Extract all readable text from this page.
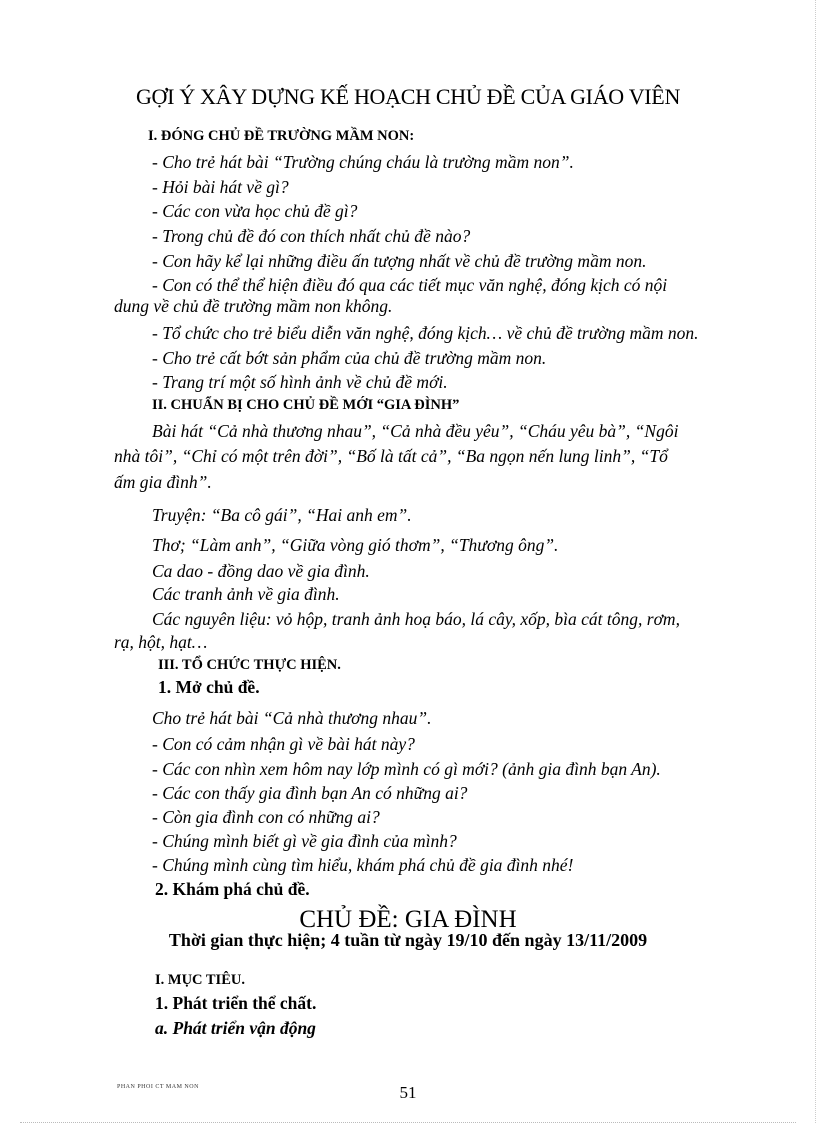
GỢI Ý XÂY DỰNG KẾ HOẠCH CHỦ ĐỀ CỦA GIÁO VIÊN
I. ĐÓNG CHỦ ĐỀ TRƯỜNG MẦM NON:
- Cho trẻ hát bài “Trường chúng cháu là trường mầm non”.
- Hỏi bài hát về gì?
- Các con vừa học chủ đề gì?
- Trong chủ đề đó con thích nhất chủ đề nào?
- Con hãy kể lại những điều ấn tượng nhất về chủ đề trường mầm non.
- Con có thể thể hiện điều đó qua các tiết mục văn nghệ, đóng kịch có nội
dung về chủ đề trường mầm non không.
- Tổ chức cho trẻ biểu diễn văn nghệ, đóng kịch… về chủ đề trường mầm non.
- Cho trẻ cất bớt sản phẩm của chủ đề trường mầm non.
- Trang trí một số hình ảnh về chủ đề mới.
II. CHUẨN BỊ CHO CHỦ ĐỀ MỚI “GIA ĐÌNH”
Bài hát “Cả nhà thương nhau”, “Cả nhà đều yêu”, “Cháu yêu bà”, “Ngôi
nhà tôi”, “Chỉ có một trên đời”, “Bố là tất cả”, “Ba ngọn nến lung linh”, “Tổ
ấm gia đình”.
Truyện: “Ba cô gái”, “Hai anh em”.
Thơ; “Làm anh”, “Giữa vòng gió thơm”, “Thương ông”.
Ca dao - đồng dao về gia đình.
Các tranh ảnh về gia đình.
Các nguyên liệu: vỏ hộp, tranh ảnh hoạ báo, lá cây, xốp, bìa cát tông, rơm,
rạ, hột, hạt…
III. TỔ CHỨC THỰC HIỆN.
1. Mở chủ đề.
Cho trẻ hát bài “Cả nhà thương nhau”.
- Con có cảm nhận gì về bài hát này?
- Các con nhìn xem hôm nay lớp mình có gì mới? (ảnh gia đình bạn An).
- Các con thấy gia đình bạn An có những ai?
- Còn gia đình con có những ai?
- Chúng mình biết gì về gia đình của mình?
- Chúng mình cùng tìm hiểu, khám phá chủ đề gia đình nhé!
2. Khám phá chủ đề.
CHỦ ĐỀ: GIA ĐÌNH
Thời gian thực hiện; 4 tuần từ ngày 19/10 đến ngày 13/11/2009
I. MỤC TIÊU.
1. Phát triển thể chất.
a. Phát triển vận động
PHAN PHOI CT MAM NON	51
